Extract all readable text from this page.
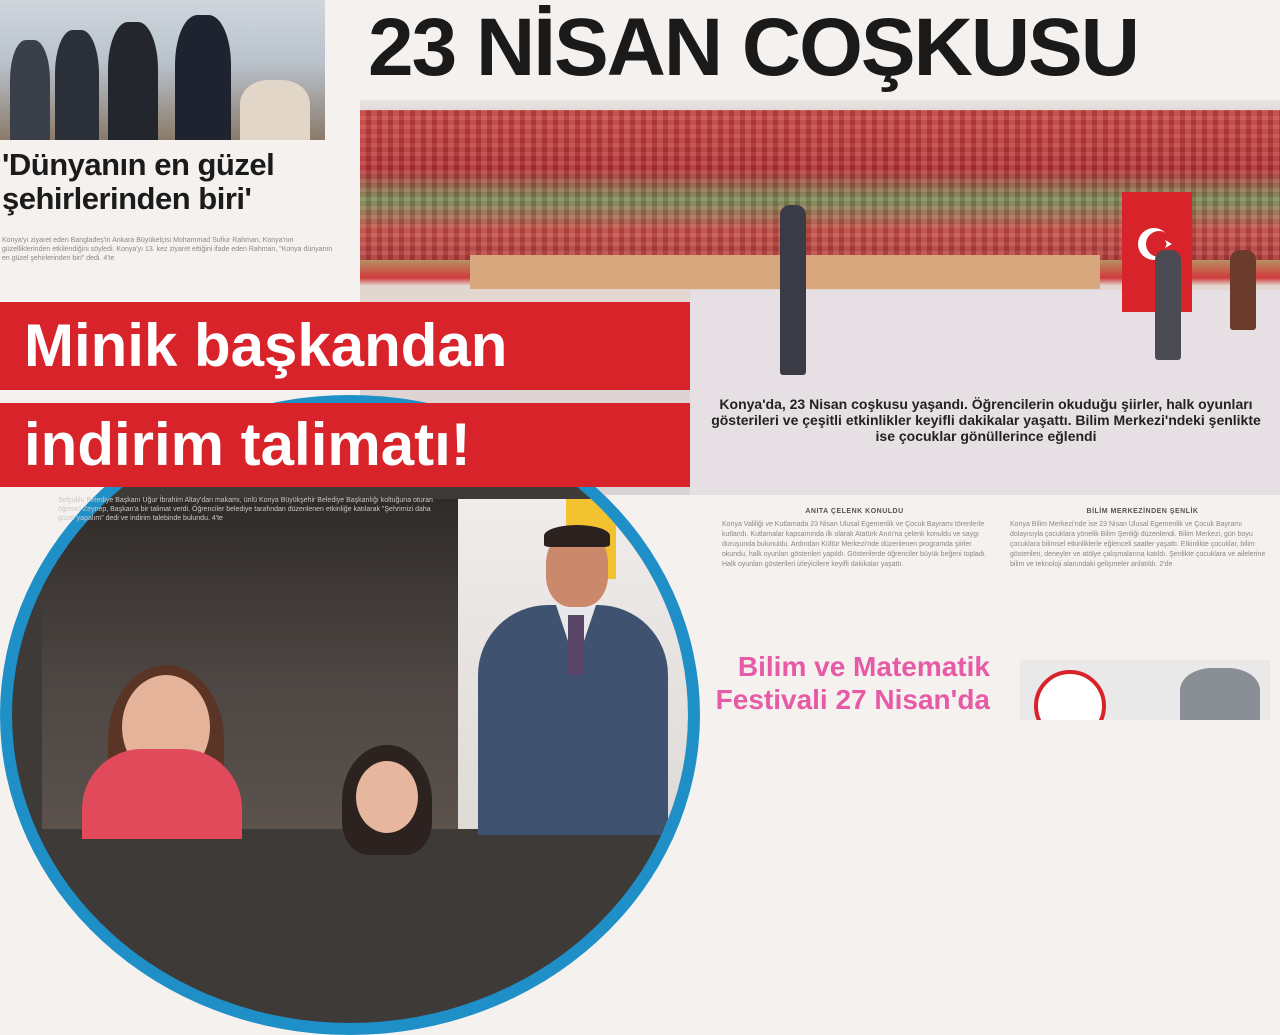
'Dünyanın en güzel
şehirlerinden biri'
Konya'yı ziyaret eden Bangladeş'in Ankara Büyükelçisi Mohammad Sufiur Rahman, Konya'nın güzelliklerinden etkilendiğini söyledi. Konya'yı 13. kez ziyaret ettiğini ifade eden Rahman, "Konya dünyanın en güzel şehirlerinden biri" dedi. 4'te
23 NİSAN COŞKUSU
Konya'da, 23 Nisan coşkusu yaşandı. Öğrencilerin okuduğu şiirler, halk oyunları gösterileri ve çeşitli etkinlikler keyifli dakikalar yaşattı. Bilim Merkezi'ndeki şenlikte ise çocuklar gönüllerince eğlendi
ANITA ÇELENK KONULDU
Konya Valiliği ve Kutlamada 23 Nisan Ulusal Egemenlik ve Çocuk Bayramı törenlerle kutlandı. Kutlamalar kapsamında ilk olarak Atatürk Anıtı'na çelenk konuldu ve saygı duruşunda bulunuldu. Ardından Kültür Merkezi'nde düzenlenen programda şiirler okundu, halk oyunları gösterileri yapıldı. Gösterilerde öğrenciler büyük beğeni topladı. Halk oyunları gösterileri izleyicilere keyifli dakikalar yaşattı.
BİLİM MERKEZİNDEN ŞENLİK
Konya Bilim Merkezi'nde ise 23 Nisan Ulusal Egemenlik ve Çocuk Bayramı dolayısıyla çocuklara yönelik Bilim Şenliği düzenlendi. Bilim Merkezi, gün boyu çocuklara bilimsel etkinliklerle eğlenceli saatler yaşattı. Etkinlikte çocuklar, bilim gösterileri, deneyler ve atölye çalışmalarına katıldı. Şenlikte çocuklara ve ailelerine bilim ve teknoloji alanındaki gelişmeler anlatıldı. 2'de
Selçuklu Belediye Başkanı Uğur İbrahim Altay'dan makamı, ünlü Konya Büyükşehir Belediye Başkanlığı koltuğuna oturan öğrenci Zeynep, Başkan'a bir talimat verdi. Öğrenciler belediye tarafından düzenlenen etkinliğe katılarak "Şehrimizi daha güzel yapalım" dedi ve indirim talebinde bulundu. 4'te
Minik başkandan
indirim talimatı!
Bilim ve Matematik
Festivali 27 Nisan'da
